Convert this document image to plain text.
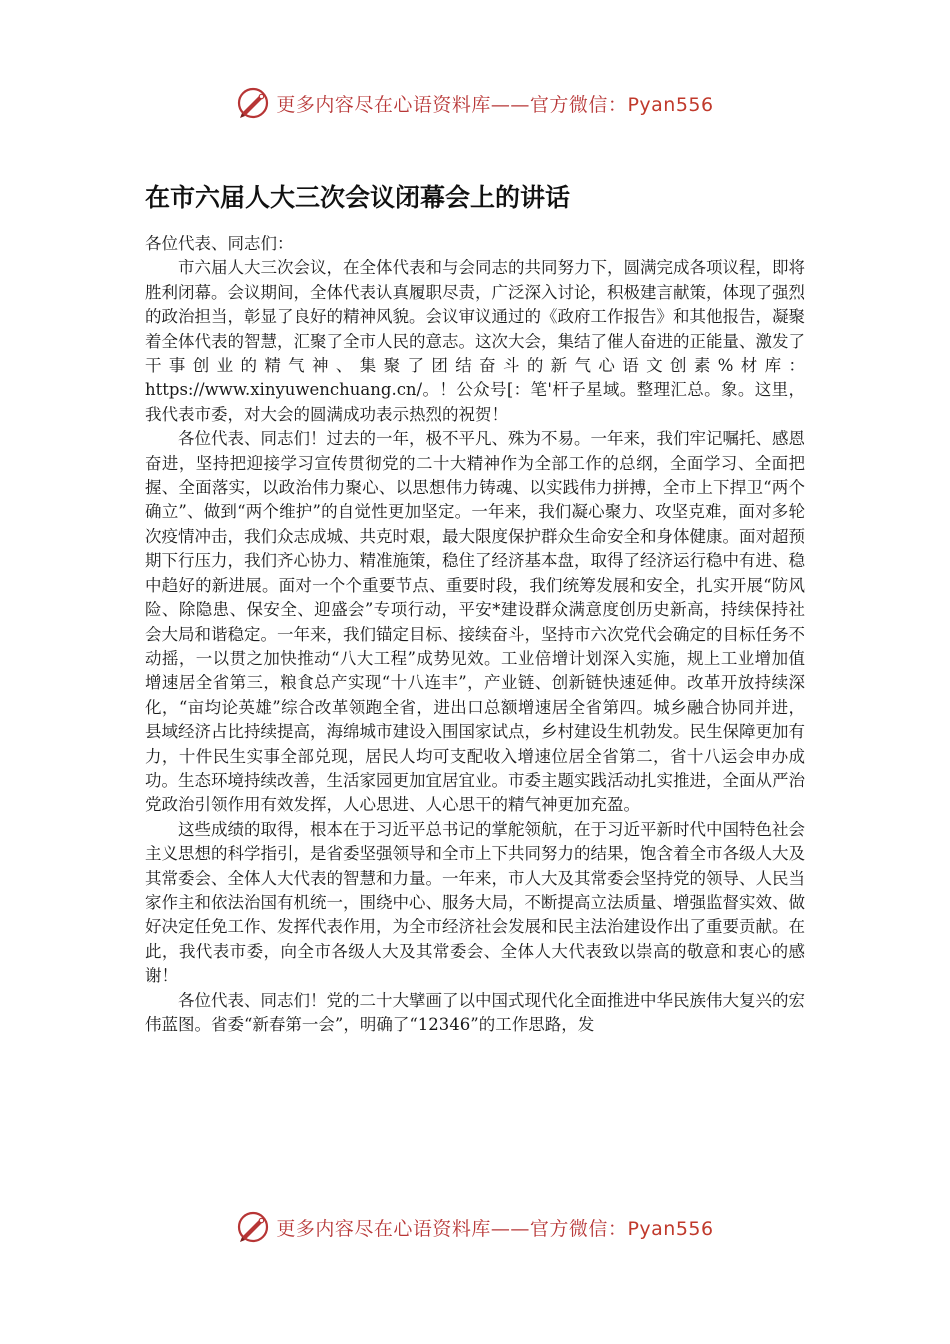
更多内容尽在心语资料库——官方微信：Pyan556
在市六届人大三次会议闭幕会上的讲话

各位代表、同志们：

市六届人大三次会议，在全体代表和与会同志的共同努力下，圆满完成各项议程，即将胜利闭幕。会议期间，全体代表认真履职尽责，广泛深入讨论，积极建言献策，体现了强烈的政治担当，彰显了良好的精神风貌。会议审议通过的《政府工作报告》和其他报告，凝聚着全体代表的智慧，汇聚了全市人民的意志。这次大会，集结了催人奋进的正能量、激发了干事创业的精气神、集聚了团结奋斗的新气心语文创素%材库：https://www.xinyuwenchuang.cn/。！公众号[：笔'杆子星域。整理汇总。象。这里，我代表市委，对大会的圆满成功表示热烈的祝贺！

各位代表、同志们！过去的一年，极不平凡、殊为不易。一年来，我们牢记嘱托、感恩奋进，坚持把迎接学习宣传贯彻党的二十大精神作为全部工作的总纲，全面学习、全面把握、全面落实，以政治伟力聚心、以思想伟力铸魂、以实践伟力拼搏，全市上下捍卫“两个确立”、做到“两个维护”的自觉性更加坚定。一年来，我们凝心聚力、攻坚克难，面对多轮次疫情冲击，我们众志成城、共克时艰，最大限度保护群众生命安全和身体健康。面对超预期下行压力，我们齐心协力、精准施策，稳住了经济基本盘，取得了经济运行稳中有进、稳中趋好的新进展。面对一个个重要节点、重要时段，我们统筹发展和安全，扎实开展“防风险、除隐患、保安全、迎盛会”专项行动，平安*建设群众满意度创历史新高，持续保持社会大局和谐稳定。一年来，我们锚定目标、接续奋斗，坚持市六次党代会确定的目标任务不动摇，一以贯之加快推动“八大工程”成势见效。工业倍增计划深入实施，规上工业增加值增速居全省第三，粮食总产实现“十八连丰”，产业链、创新链快速延伸。改革开放持续深化，“亩均论英雄”综合改革领跑全省，进出口总额增速居全省第四。城乡融合协同并进，县域经济占比持续提高，海绵城市建设入围国家试点，乡村建设生机勃发。民生保障更加有力，十件民生实事全部兑现，居民人均可支配收入增速位居全省第二，省十八运会申办成功。生态环境持续改善，生活家园更加宜居宜业。市委主题实践活动扎实推进，全面从严治党政治引领作用有效发挥，人心思进、人心思干的精气神更加充盈。

这些成绩的取得，根本在于习近平总书记的掌舵领航，在于习近平新时代中国特色社会主义思想的科学指引，是省委坚强领导和全市上下共同努力的结果，饱含着全市各级人大及其常委会、全体人大代表的智慧和力量。一年来，市人大及其常委会坚持党的领导、人民当家作主和依法治国有机统一，围绕中心、服务大局，不断提高立法质量、增强监督实效、做好决定任免工作、发挥代表作用，为全市经济社会发展和民主法治建设作出了重要贡献。在此，我代表市委，向全市各级人大及其常委会、全体人大代表致以崇高的敬意和衷心的感谢！

各位代表、同志们！党的二十大擘画了以中国式现代化全面推进中华民族伟大复兴的宏伟蓝图。省委“新春第一会”，明确了“12346”的工作思路，发

更多内容尽在心语资料库——官方微信：Pyan556
